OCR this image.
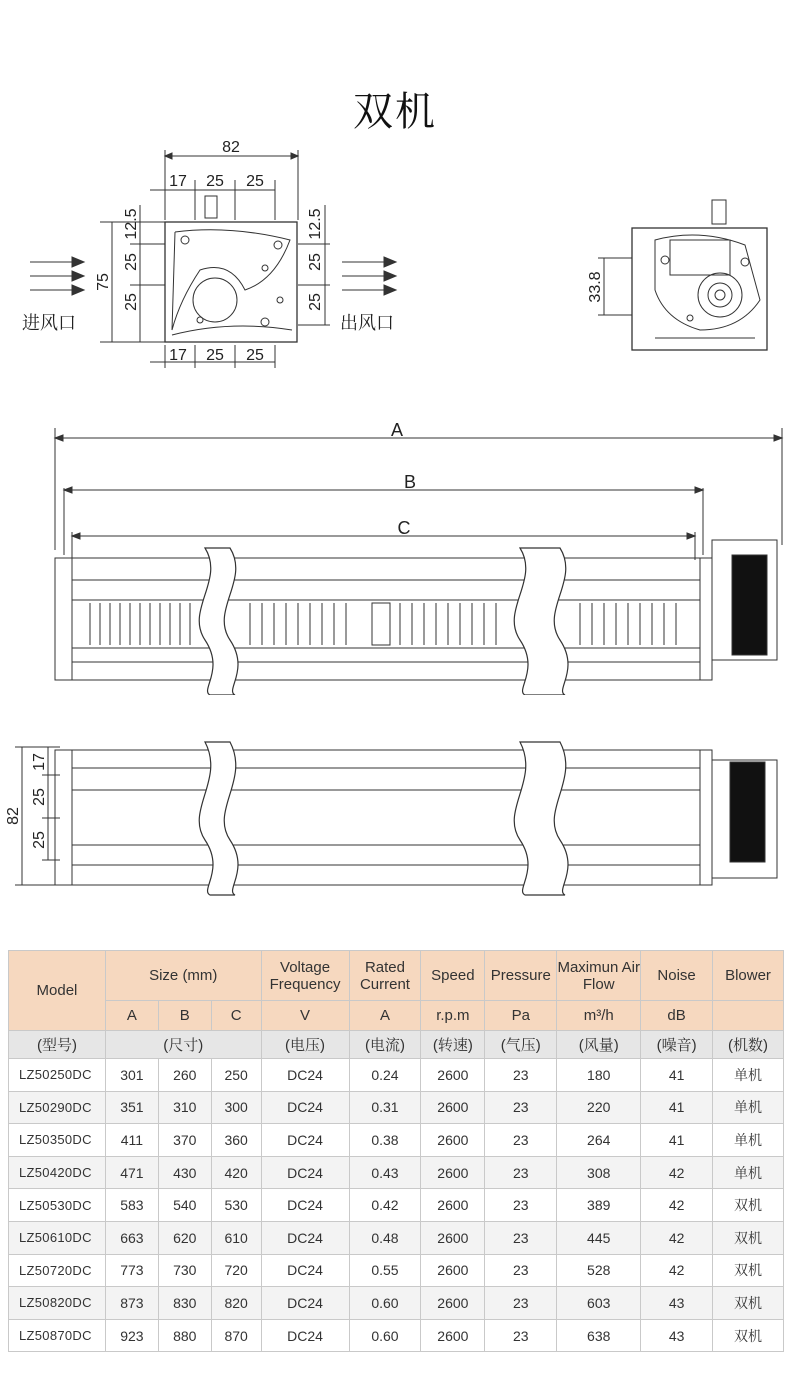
双机
82
17 25 25
17 25 25
75
12.5
25
25
12.5
25
25
进风口	出风口
33.8
A
B
C
82
17
25
25
Model	Size (mm)			Voltage Frequency	Rated Current	Speed	Pressure	Maximun Air Flow	Noise	Blower
	A	B	C	V	A	r.p.m	Pa	m³/h	dB	
(型号)	(尺寸)			(电压)	(电流)	(转速)	(气压)	(风量)	(噪音)	(机数)
LZ50250DC	301	260	250	DC24	0.24	2600	23	180	41	单机
LZ50290DC	351	310	300	DC24	0.31	2600	23	220	41	单机
LZ50350DC	411	370	360	DC24	0.38	2600	23	264	41	单机
LZ50420DC	471	430	420	DC24	0.43	2600	23	308	42	单机
LZ50530DC	583	540	530	DC24	0.42	2600	23	389	42	双机
LZ50610DC	663	620	610	DC24	0.48	2600	23	445	42	双机
LZ50720DC	773	730	720	DC24	0.55	2600	23	528	42	双机
LZ50820DC	873	830	820	DC24	0.60	2600	23	603	43	双机
LZ50870DC	923	880	870	DC24	0.60	2600	23	638	43	双机
